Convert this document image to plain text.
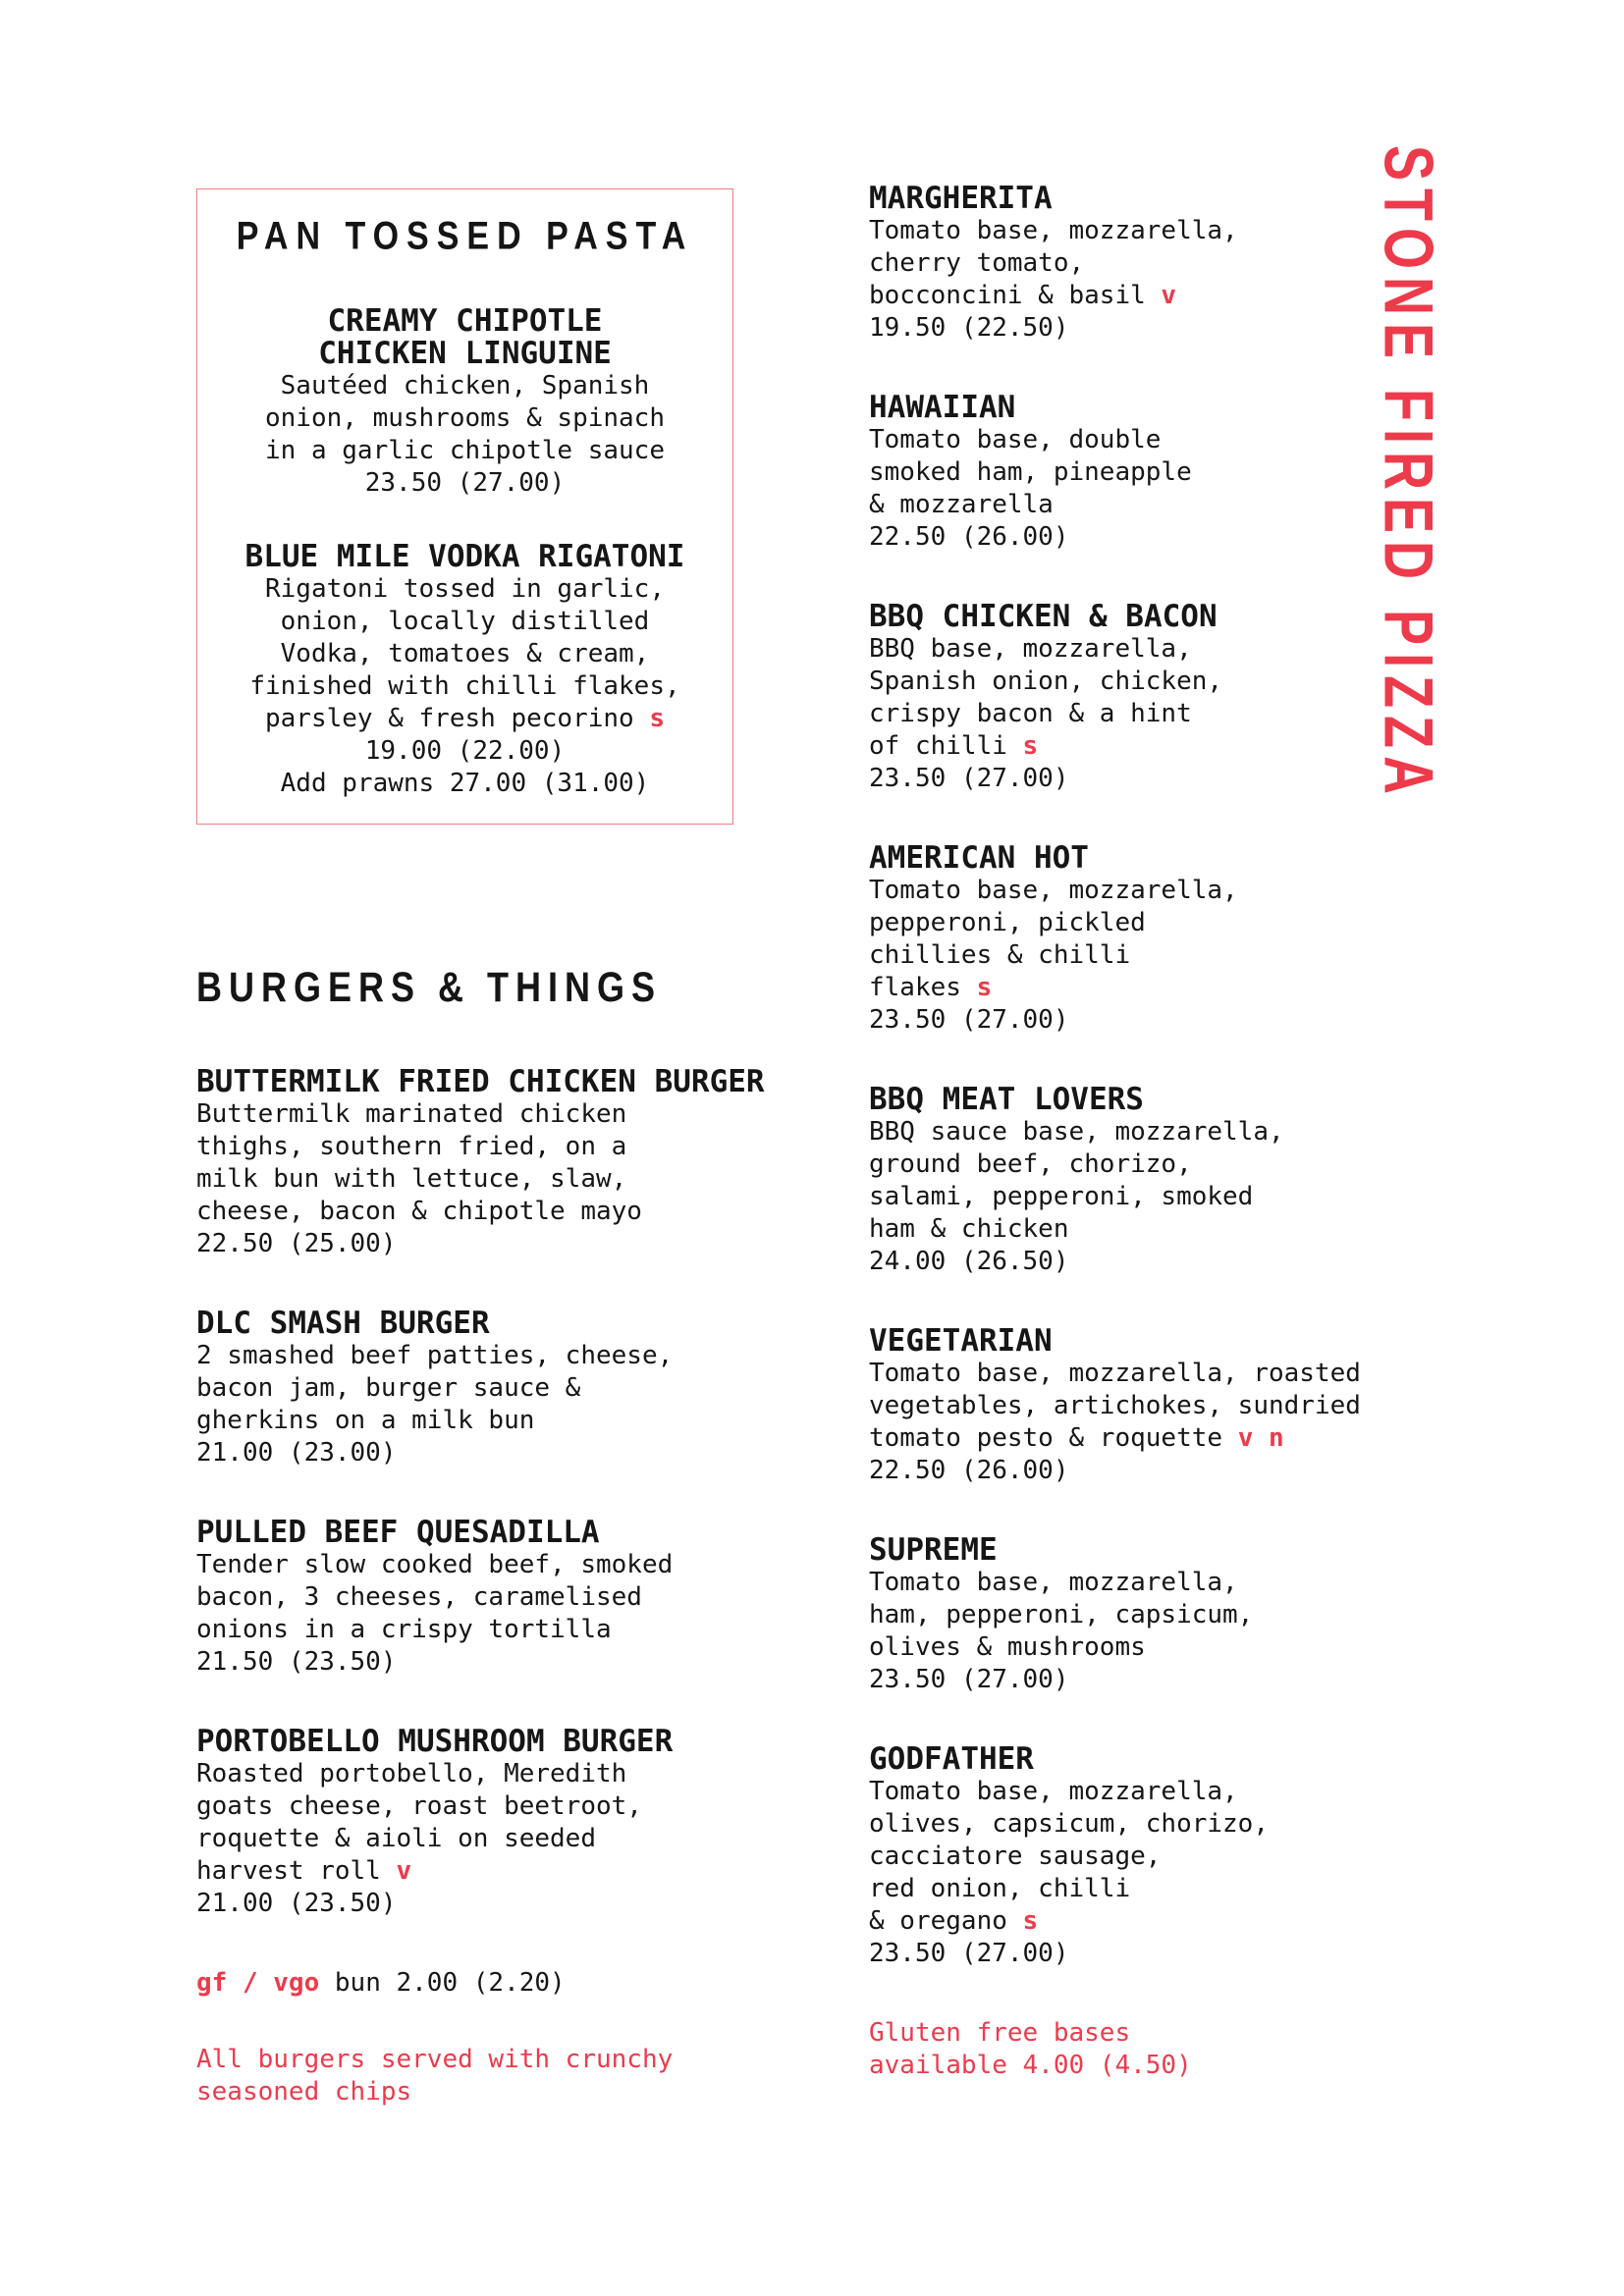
PAN TOSSED PASTA
CREAMY CHIPOTLE
CHICKEN LINGUINE
Sautéed chicken, Spanish
onion, mushrooms & spinach
in a garlic chipotle sauce
23.50 (27.00)
BLUE MILE VODKA RIGATONI
Rigatoni tossed in garlic,
onion, locally distilled
Vodka, tomatoes & cream,
finished with chilli flakes,
parsley & fresh pecorino s
19.00 (22.00)
Add prawns 27.00 (31.00)
BURGERS & THINGS
BUTTERMILK FRIED CHICKEN BURGER
Buttermilk marinated chicken
thighs, southern fried, on a
milk bun with lettuce, slaw,
cheese, bacon & chipotle mayo
22.50 (25.00)
DLC SMASH BURGER
2 smashed beef patties, cheese,
bacon jam, burger sauce &
gherkins on a milk bun
21.00 (23.00)
PULLED BEEF QUESADILLA
Tender slow cooked beef, smoked
bacon, 3 cheeses, caramelised
onions in a crispy tortilla
21.50 (23.50)
PORTOBELLO MUSHROOM BURGER
Roasted portobello, Meredith
goats cheese, roast beetroot,
roquette & aioli on seeded
harvest roll v
21.00 (23.50)
gf / vgo bun 2.00 (2.20)
All burgers served with crunchy
seasoned chips
MARGHERITA
Tomato base, mozzarella,
cherry tomato,
bocconcini & basil v
19.50 (22.50)
HAWAIIAN
Tomato base, double
smoked ham, pineapple
& mozzarella
22.50 (26.00)
BBQ CHICKEN & BACON
BBQ base, mozzarella,
Spanish onion, chicken,
crispy bacon & a hint
of chilli s
23.50 (27.00)
AMERICAN HOT
Tomato base, mozzarella,
pepperoni, pickled
chillies & chilli
flakes s
23.50 (27.00)
BBQ MEAT LOVERS
BBQ sauce base, mozzarella,
ground beef, chorizo,
salami, pepperoni, smoked
ham & chicken
24.00 (26.50)
VEGETARIAN
Tomato base, mozzarella, roasted
vegetables, artichokes, sundried
tomato pesto & roquette v n
22.50 (26.00)
SUPREME
Tomato base, mozzarella,
ham, pepperoni, capsicum,
olives & mushrooms
23.50 (27.00)
GODFATHER
Tomato base, mozzarella,
olives, capsicum, chorizo,
cacciatore sausage,
red onion, chilli
& oregano s
23.50 (27.00)
Gluten free bases
available 4.00 (4.50)
STONE FIRED PIZZA
